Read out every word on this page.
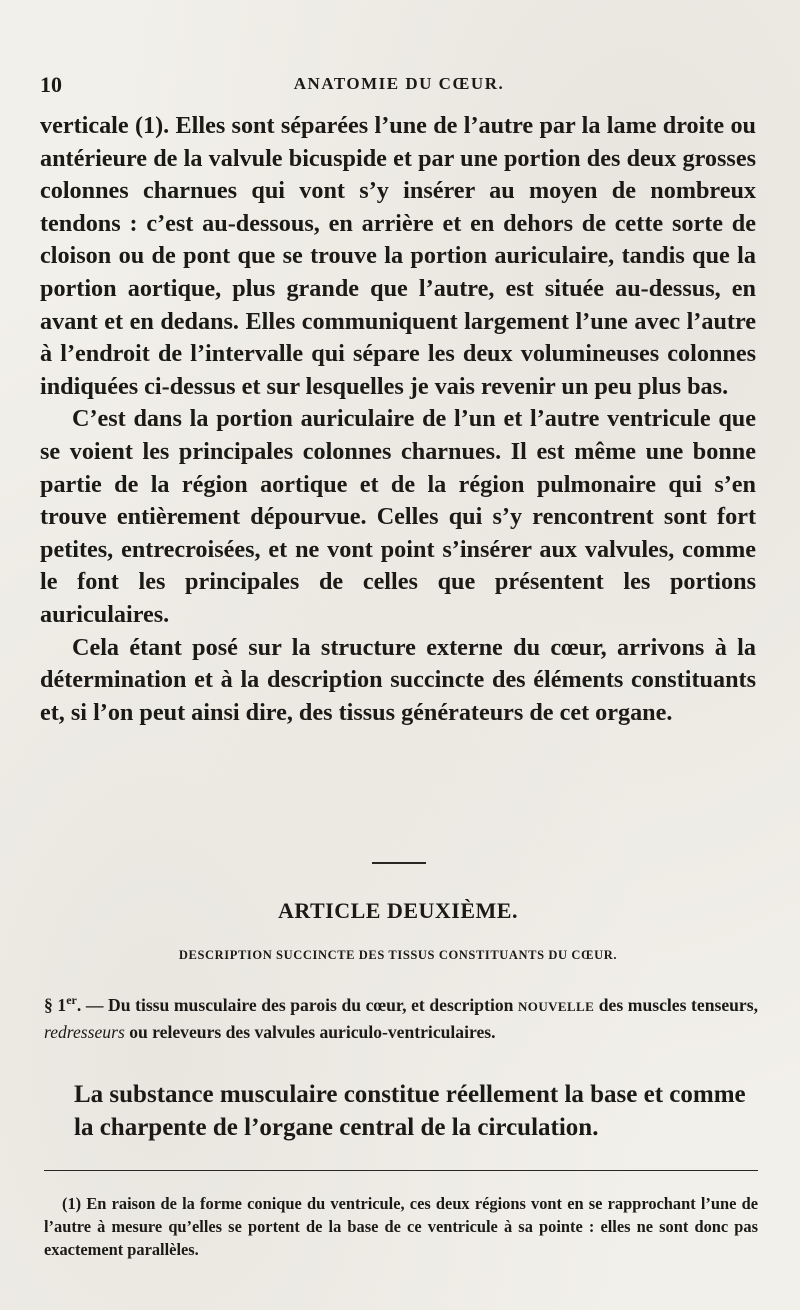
10	ANATOMIE DU CŒUR.

verticale (1). Elles sont séparées l’une de l’autre par la lame droite ou antérieure de la valvule bicuspide et par une portion des deux grosses colonnes charnues qui vont s’y insérer au moyen de nombreux tendons : c’est au-dessous, en arrière et en dehors de cette sorte de cloison ou de pont que se trouve la portion auriculaire, tandis que la portion aortique, plus grande que l’autre, est située au-dessus, en avant et en dedans. Elles communiquent largement l’une avec l’autre à l’endroit de l’intervalle qui sépare les deux volumineuses colonnes indiquées ci-dessus et sur lesquelles je vais revenir un peu plus bas.

C’est dans la portion auriculaire de l’un et l’autre ventricule que se voient les principales colonnes charnues. Il est même une bonne partie de la région aortique et de la région pulmonaire qui s’en trouve entièrement dépourvue. Celles qui s’y rencontrent sont fort petites, entrecroisées, et ne vont point s’insérer aux valvules, comme le font les principales de celles que présentent les portions auriculaires.

Cela étant posé sur la structure externe du cœur, arrivons à la détermination et à la description succincte des éléments constituants et, si l’on peut ainsi dire, des tissus générateurs de cet organe.

ARTICLE DEUXIÈME.
DESCRIPTION SUCCINCTE DES TISSUS CONSTITUANTS DU CŒUR.
§ 1er. — Du tissu musculaire des parois du cœur, et description NOUVELLE des muscles tenseurs, redresseurs ou releveurs des valvules auriculo-ventriculaires.
La substance musculaire constitue réellement la base et comme la charpente de l’organe central de la circulation.
(1) En raison de la forme conique du ventricule, ces deux régions vont en se rapprochant l’une de l’autre à mesure qu’elles se portent de la base de ce ventricule à sa pointe : elles ne sont donc pas exactement parallèles.
